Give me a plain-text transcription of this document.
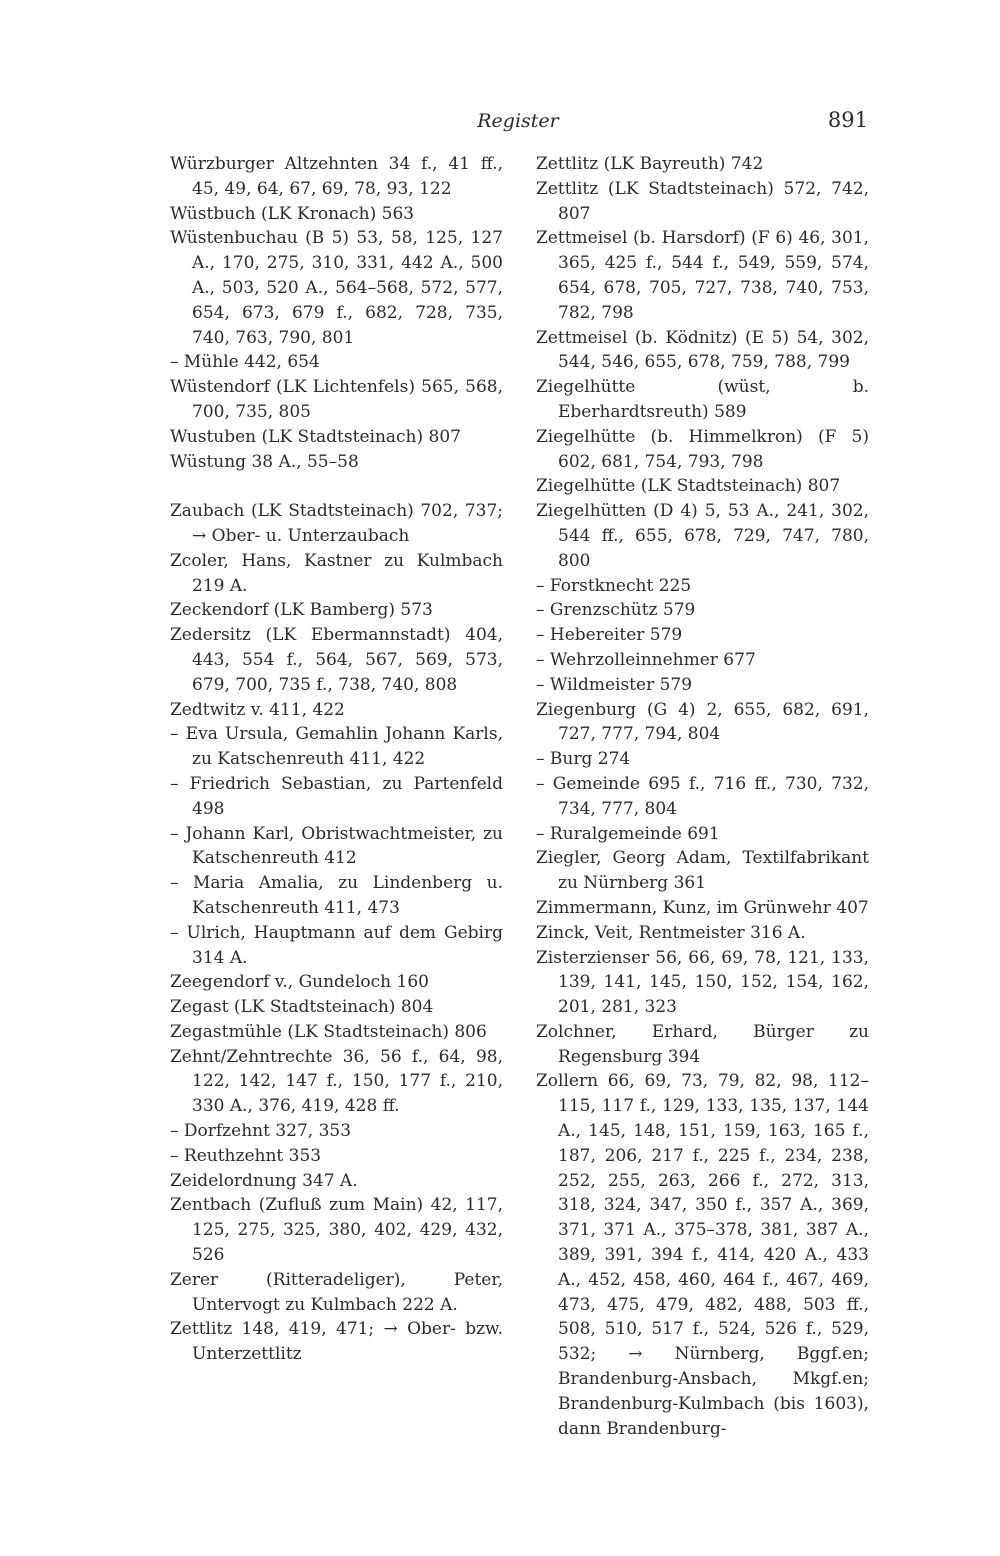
Register	891
Würzburger Altzehnten 34 f., 41 ff., 45, 49, 64, 67, 69, 78, 93, 122
Wüstbuch (LK Kronach) 563
Wüstenbuchau (B 5) 53, 58, 125, 127 A., 170, 275, 310, 331, 442 A., 500 A., 503, 520 A., 564–568, 572, 577, 654, 673, 679 f., 682, 728, 735, 740, 763, 790, 801
– Mühle 442, 654
Wüstendorf (LK Lichtenfels) 565, 568, 700, 735, 805
Wustuben (LK Stadtsteinach) 807
Wüstung 38 A., 55–58
Zaubach (LK Stadtsteinach) 702, 737; → Ober- u. Unterzaubach
Zcoler, Hans, Kastner zu Kulmbach 219 A.
Zeckendorf (LK Bamberg) 573
Zedersitz (LK Ebermannstadt) 404, 443, 554 f., 564, 567, 569, 573, 679, 700, 735 f., 738, 740, 808
Zedtwitz v. 411, 422
– Eva Ursula, Gemahlin Johann Karls, zu Katschenreuth 411, 422
– Friedrich Sebastian, zu Partenfeld 498
– Johann Karl, Obristwachtmeister, zu Katschenreuth 412
– Maria Amalia, zu Lindenberg u. Katschenreuth 411, 473
– Ulrich, Hauptmann auf dem Gebirg 314 A.
Zeegendorf v., Gundeloch 160
Zegast (LK Stadtsteinach) 804
Zegastmühle (LK Stadtsteinach) 806
Zehnt/Zehntrechte 36, 56 f., 64, 98, 122, 142, 147 f., 150, 177 f., 210, 330 A., 376, 419, 428 ff.
– Dorfzehnt 327, 353
– Reuthzehnt 353
Zeidelordnung 347 A.
Zentbach (Zufluß zum Main) 42, 117, 125, 275, 325, 380, 402, 429, 432, 526
Zerer (Ritteradeliger), Peter, Untervogt zu Kulmbach 222 A.
Zettlitz 148, 419, 471; → Ober- bzw. Unterzettlitz
Zettlitz (LK Bayreuth) 742
Zettlitz (LK Stadtsteinach) 572, 742, 807
Zettmeisel (b. Harsdorf) (F 6) 46, 301, 365, 425 f., 544 f., 549, 559, 574, 654, 678, 705, 727, 738, 740, 753, 782, 798
Zettmeisel (b. Ködnitz) (E 5) 54, 302, 544, 546, 655, 678, 759, 788, 799
Ziegelhütte (wüst, b. Eberhardtsreuth) 589
Ziegelhütte (b. Himmelkron) (F 5) 602, 681, 754, 793, 798
Ziegelhütte (LK Stadtsteinach) 807
Ziegelhütten (D 4) 5, 53 A., 241, 302, 544 ff., 655, 678, 729, 747, 780, 800
– Forstknecht 225
– Grenzschütz 579
– Hebereiter 579
– Wehrzolleinnehmer 677
– Wildmeister 579
Ziegenburg (G 4) 2, 655, 682, 691, 727, 777, 794, 804
– Burg 274
– Gemeinde 695 f., 716 ff., 730, 732, 734, 777, 804
– Ruralgemeinde 691
Ziegler, Georg Adam, Textilfabrikant zu Nürnberg 361
Zimmermann, Kunz, im Grünwehr 407
Zinck, Veit, Rentmeister 316 A.
Zisterzienser 56, 66, 69, 78, 121, 133, 139, 141, 145, 150, 152, 154, 162, 201, 281, 323
Zolchner, Erhard, Bürger zu Regensburg 394
Zollern 66, 69, 73, 79, 82, 98, 112–115, 117 f., 129, 133, 135, 137, 144 A., 145, 148, 151, 159, 163, 165 f., 187, 206, 217 f., 225 f., 234, 238, 252, 255, 263, 266 f., 272, 313, 318, 324, 347, 350 f., 357 A., 369, 371, 371 A., 375–378, 381, 387 A., 389, 391, 394 f., 414, 420 A., 433 A., 452, 458, 460, 464 f., 467, 469, 473, 475, 479, 482, 488, 503 ff., 508, 510, 517 f., 524, 526 f., 529, 532; → Nürnberg, Bggf.en; Brandenburg-Ansbach, Mkgf.en; Brandenburg-Kulmbach (bis 1603), dann Brandenburg-
